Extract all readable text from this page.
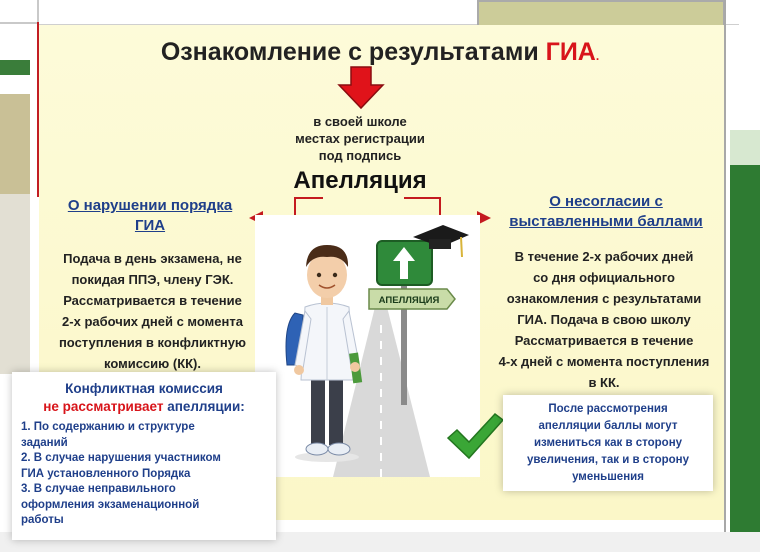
Ознакомление с результатами ГИА.
в своей школе
местах регистрации
под подпись
Апелляция
О нарушении порядка
ГИА
Подача в день экзамена, не
покидая ППЭ, члену ГЭК.
Рассматривается в течение
2-х рабочих дней с момента
поступления в конфликтную
комиссию (КК).
О несогласии с
выставленными баллами
В течение 2-х рабочих дней
со дня официального
ознакомления с результатами
ГИА. Подача в свою школу
Рассматривается в течение
4-х дней с момента поступления
в КК.
АПЕЛЛЯЦИЯ
Конфликтная комиссия
не рассматривает апелляции:
1. По содержанию и структуре
заданий
2. В случае нарушения участником
ГИА установленного Порядка
3. В случае неправильного
оформления экзаменационной
работы
После рассмотрения
апелляции баллы могут
измениться как в сторону
увеличения, так и в сторону
уменьшения
